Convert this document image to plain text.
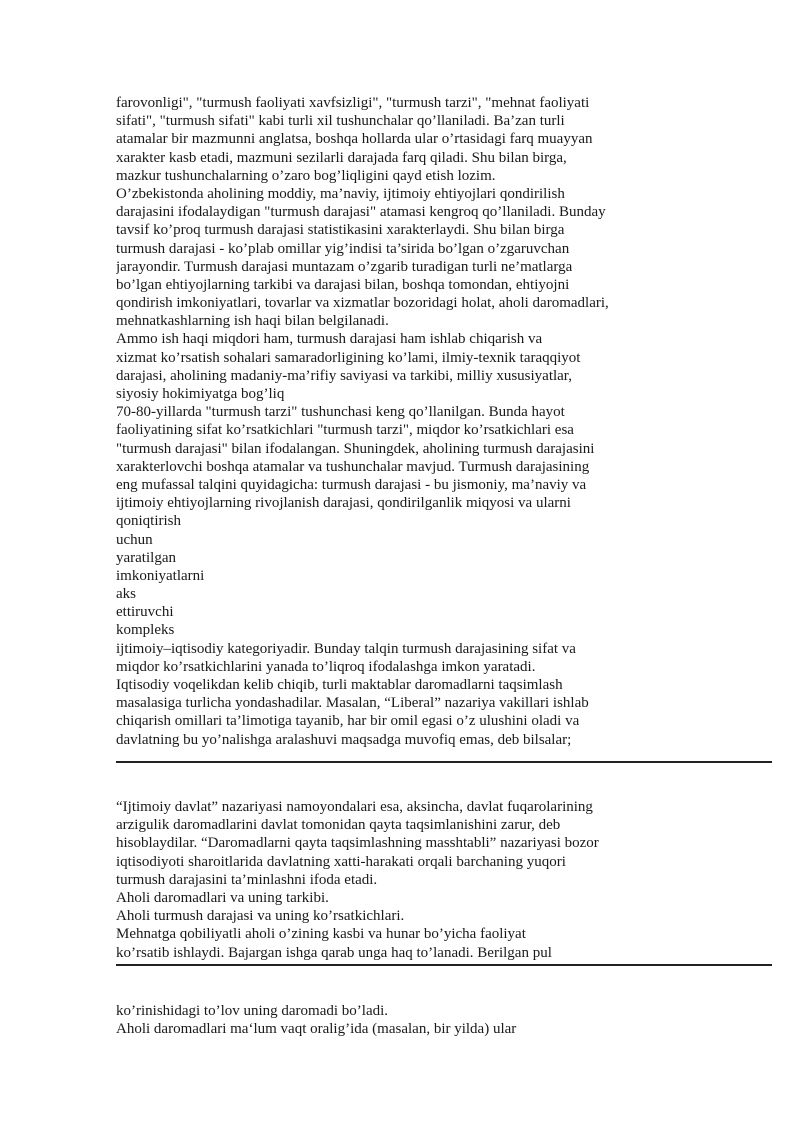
farovonligi", "turmush faoliyati xavfsizligi", "turmush tarzi", "mehnat faoliyati
sifati", "turmush sifati" kabi turli xil tushunchalar qo’llaniladi. Ba’zan turli
atamalar bir mazmunni anglatsa, boshqa hollarda ular o’rtasidagi farq muayyan
xarakter kasb etadi, mazmuni sezilarli darajada farq qiladi. Shu bilan birga,
mazkur tushunchalarning o’zaro bog’liqligini qayd etish lozim.
O’zbekistonda aholining moddiy, ma’naviy, ijtimoiy ehtiyojlari qondirilish
darajasini ifodalaydigan "turmush darajasi" atamasi kengroq qo’llaniladi. Bunday
tavsif ko’proq turmush darajasi statistikasini xarakterlaydi. Shu bilan birga
turmush darajasi - ko’plab omillar yig’indisi ta’sirida bo’lgan o’zgaruvchan
jarayondir. Turmush darajasi muntazam o’zgarib turadigan turli ne’matlarga
bo’lgan ehtiyojlarning tarkibi va darajasi bilan, boshqa tomondan, ehtiyojni
qondirish imkoniyatlari, tovarlar va xizmatlar bozoridagi holat, aholi daromadlari,
mehnatkashlarning ish haqi bilan belgilanadi.
Ammo ish haqi miqdori ham, turmush darajasi ham ishlab chiqarish va
xizmat ko’rsatish sohalari samaradorligining ko’lami, ilmiy-texnik taraqqiyot
darajasi, aholining madaniy-ma’rifiy saviyasi va tarkibi, milliy xususiyatlar,
siyosiy hokimiyatga bog’liq
70-80-yillarda "turmush tarzi" tushunchasi keng qo’llanilgan. Bunda hayot
faoliyatining sifat ko’rsatkichlari "turmush tarzi", miqdor ko’rsatkichlari esa
"turmush darajasi" bilan ifodalangan. Shuningdek, aholining turmush darajasini
xarakterlovchi boshqa atamalar va tushunchalar mavjud. Turmush darajasining
eng mufassal talqini quyidagicha: turmush darajasi - bu jismoniy, ma’naviy va
ijtimoiy ehtiyojlarning rivojlanish darajasi, qondirilganlik miqyosi va ularni
qoniqtirish
uchun
yaratilgan
imkoniyatlarni
aks
ettiruvchi
kompleks
ijtimoiy–iqtisodiy kategoriyadir. Bunday talqin turmush darajasining sifat va
miqdor ko’rsatkichlarini yanada to’liqroq ifodalashga imkon yaratadi.
Iqtisodiy voqelikdan kelib chiqib, turli maktablar daromadlarni taqsimlash
masalasiga turlicha yondashadilar. Masalan, “Liberal” nazariya vakillari ishlab
chiqarish omillari ta’limotiga tayanib, har bir omil egasi o’z ulushini oladi va
davlatning bu yo’nalishga aralashuvi maqsadga muvofiq emas, deb bilsalar;
“Ijtimoiy davlat” nazariyasi namoyondalari esa, aksincha, davlat fuqarolarining
arzigulik daromadlarini davlat tomonidan qayta taqsimlanishini zarur, deb
hisoblaydilar. “Daromadlarni qayta taqsimlashning masshtabli” nazariyasi bozor
iqtisodiyoti sharoitlarida davlatning xatti-harakati orqali barchaning yuqori
turmush darajasini ta’minlashni ifoda etadi.
Aholi daromadlari va uning tarkibi.
Aholi turmush darajasi va uning ko’rsatkichlari.
Mehnatga qobiliyatli aholi o’zining kasbi va hunar bo’yicha faoliyat
ko’rsatib ishlaydi. Bajargan ishga qarab unga haq to’lanadi. Berilgan pul
ko’rinishidagi to’lov uning daromadi bo’ladi.
Aholi daromadlari ma‘lum vaqt oralig’ida (masalan, bir yilda) ular
